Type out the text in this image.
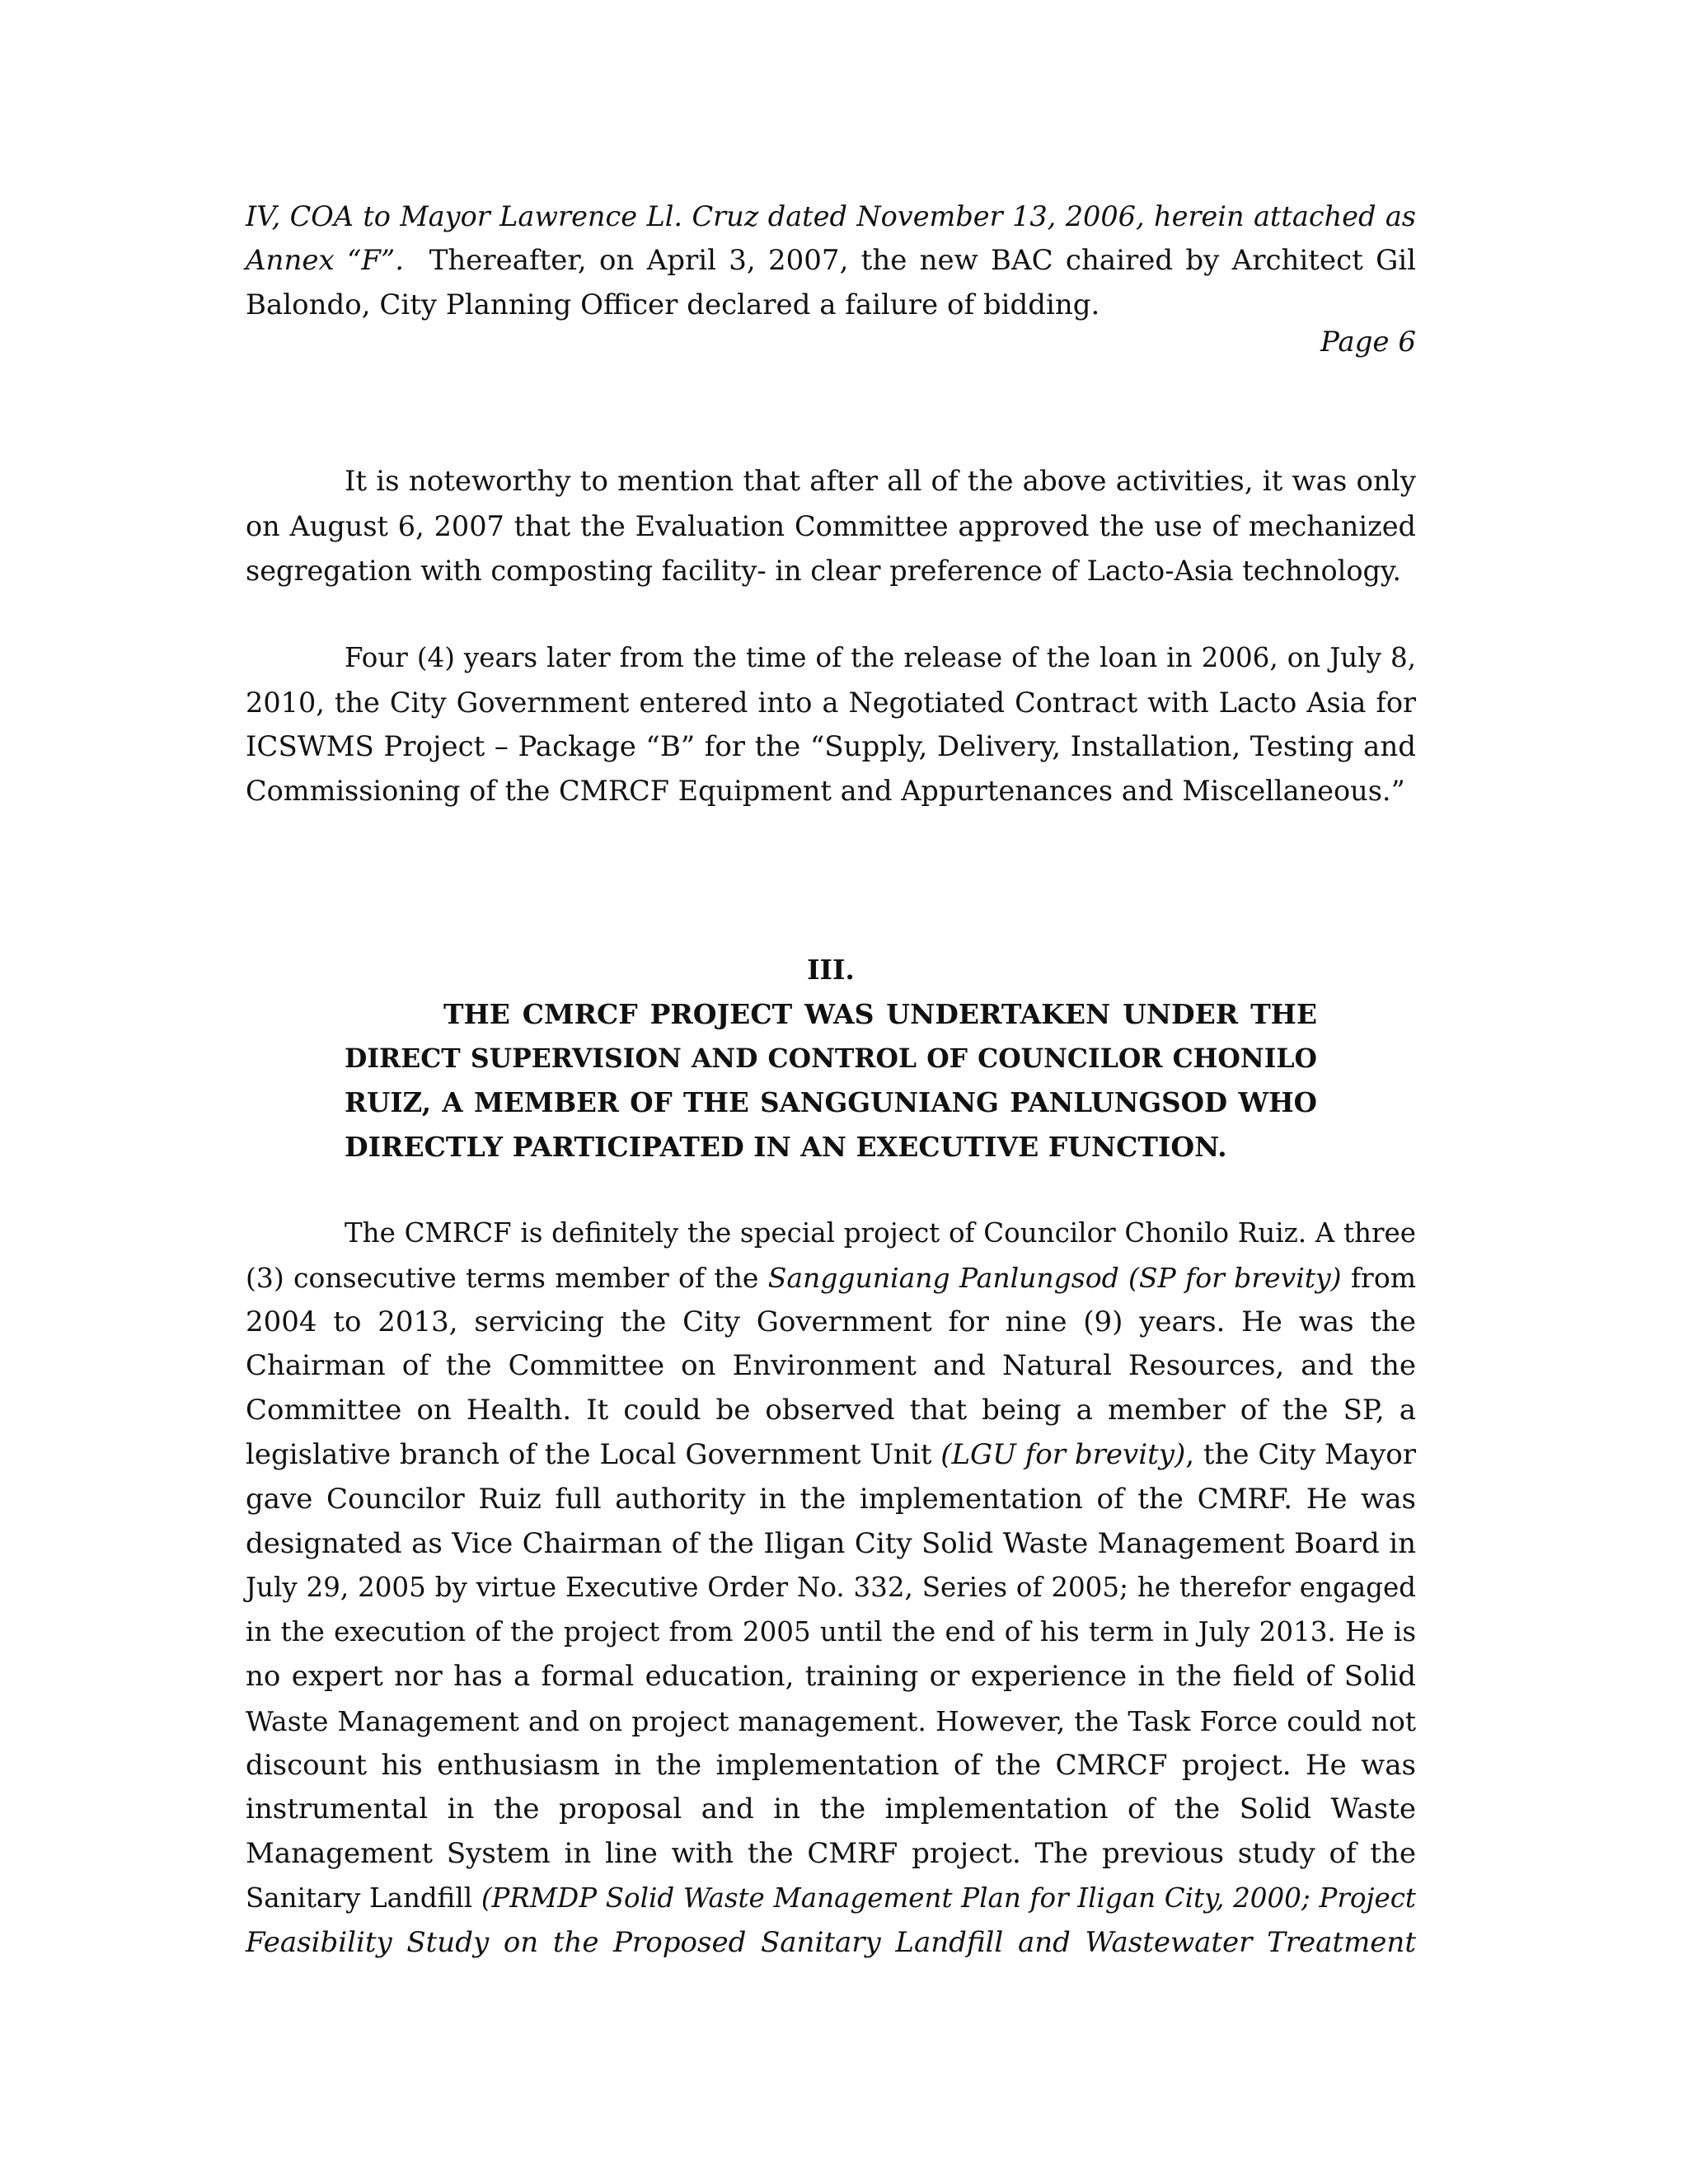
IV, COA to Mayor Lawrence Ll. Cruz dated November 13, 2006, herein attached as
Annex “F”. Thereafter, on April 3, 2007, the new BAC chaired by Architect Gil
Balondo, City Planning Officer declared a failure of bidding.
Page 6
It is noteworthy to mention that after all of the above activities, it was only
on August 6, 2007 that the Evaluation Committee approved the use of mechanized
segregation with composting facility- in clear preference of Lacto-Asia technology.
Four (4) years later from the time of the release of the loan in 2006, on July 8,
2010, the City Government entered into a Negotiated Contract with Lacto Asia for
ICSWMS Project – Package “B” for the “Supply, Delivery, Installation, Testing and
Commissioning of the CMRCF Equipment and Appurtenances and Miscellaneous.”
III.
THE CMRCF PROJECT WAS UNDERTAKEN UNDER THE
DIRECT SUPERVISION AND CONTROL OF COUNCILOR CHONILO
RUIZ, A MEMBER OF THE SANGGUNIANG PANLUNGSOD WHO
DIRECTLY PARTICIPATED IN AN EXECUTIVE FUNCTION.
The CMRCF is definitely the special project of Councilor Chonilo Ruiz. A three
(3) consecutive terms member of the Sangguniang Panlungsod (SP for brevity) from
2004 to 2013, servicing the City Government for nine (9) years. He was the
Chairman of the Committee on Environment and Natural Resources, and the
Committee on Health. It could be observed that being a member of the SP, a
legislative branch of the Local Government Unit (LGU for brevity), the City Mayor
gave Councilor Ruiz full authority in the implementation of the CMRF. He was
designated as Vice Chairman of the Iligan City Solid Waste Management Board in
July 29, 2005 by virtue Executive Order No. 332, Series of 2005; he therefor engaged
in the execution of the project from 2005 until the end of his term in July 2013. He is
no expert nor has a formal education, training or experience in the field of Solid
Waste Management and on project management. However, the Task Force could not
discount his enthusiasm in the implementation of the CMRCF project. He was
instrumental in the proposal and in the implementation of the Solid Waste
Management System in line with the CMRF project. The previous study of the
Sanitary Landfill (PRMDP Solid Waste Management Plan for Iligan City, 2000; Project
Feasibility Study on the Proposed Sanitary Landfill and Wastewater Treatment
